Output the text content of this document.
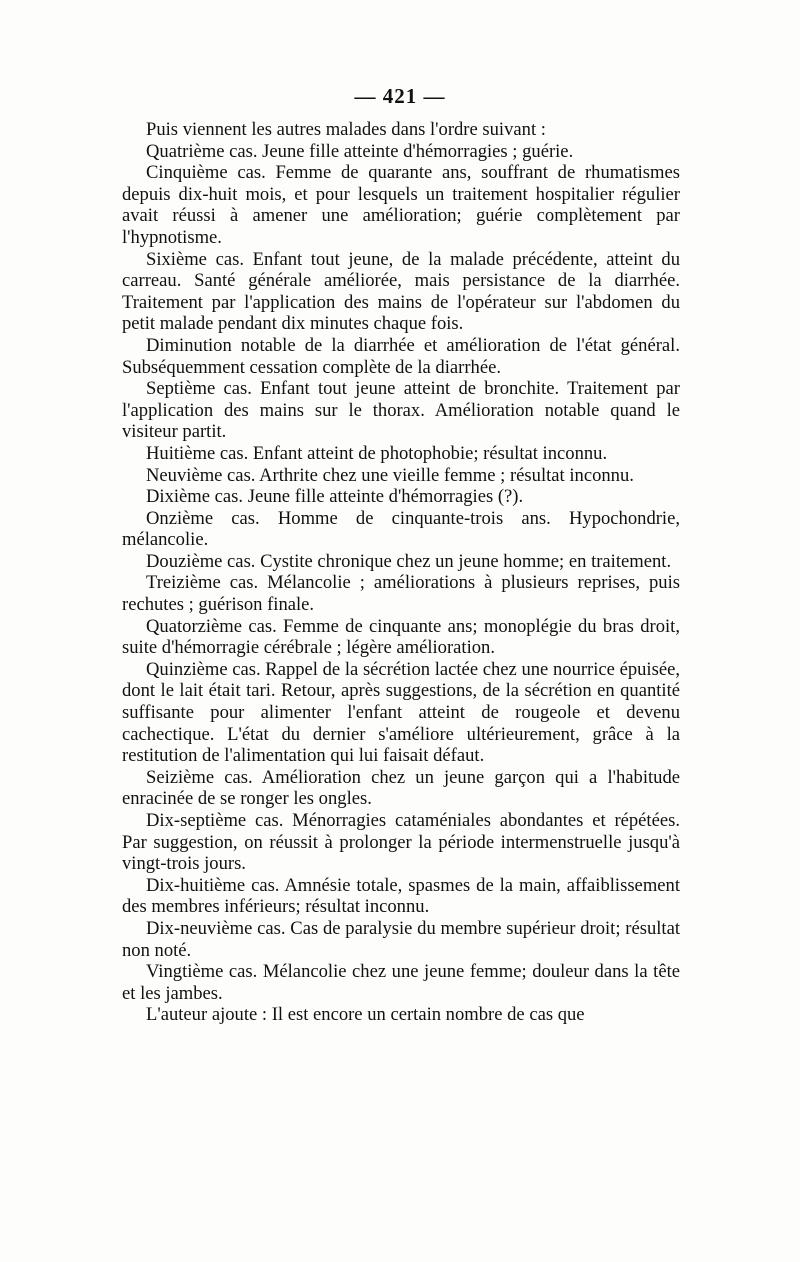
— 421 —

Puis viennent les autres malades dans l'ordre suivant :

Quatrième cas. Jeune fille atteinte d'hémorragies ; guérie.

Cinquième cas. Femme de quarante ans, souffrant de rhumatismes depuis dix-huit mois, et pour lesquels un traitement hospitalier régulier avait réussi à amener une amélioration; guérie complètement par l'hypnotisme.

Sixième cas. Enfant tout jeune, de la malade précédente, atteint du carreau. Santé générale améliorée, mais persistance de la diarrhée. Traitement par l'application des mains de l'opérateur sur l'abdomen du petit malade pendant dix minutes chaque fois.

Diminution notable de la diarrhée et amélioration de l'état général. Subséquemment cessation complète de la diarrhée.

Septième cas. Enfant tout jeune atteint de bronchite. Traitement par l'application des mains sur le thorax. Amélioration notable quand le visiteur partit.

Huitième cas. Enfant atteint de photophobie; résultat inconnu.

Neuvième cas. Arthrite chez une vieille femme ; résultat inconnu.

Dixième cas. Jeune fille atteinte d'hémorragies (?).

Onzième cas. Homme de cinquante-trois ans. Hypochondrie, mélancolie.

Douzième cas. Cystite chronique chez un jeune homme; en traitement.

Treizième cas. Mélancolie ; améliorations à plusieurs reprises, puis rechutes ; guérison finale.

Quatorzième cas. Femme de cinquante ans; monoplégie du bras droit, suite d'hémorragie cérébrale ; légère amélioration.

Quinzième cas. Rappel de la sécrétion lactée chez une nourrice épuisée, dont le lait était tari. Retour, après suggestions, de la sécrétion en quantité suffisante pour alimenter l'enfant atteint de rougeole et devenu cachectique. L'état du dernier s'améliore ultérieurement, grâce à la restitution de l'alimentation qui lui faisait défaut.

Seizième cas. Amélioration chez un jeune garçon qui a l'habitude enracinée de se ronger les ongles.

Dix-septième cas. Ménorragies cataméniales abondantes et répétées. Par suggestion, on réussit à prolonger la période intermenstruelle jusqu'à vingt-trois jours.

Dix-huitième cas. Amnésie totale, spasmes de la main, affaiblissement des membres inférieurs; résultat inconnu.

Dix-neuvième cas. Cas de paralysie du membre supérieur droit; résultat non noté.

Vingtième cas. Mélancolie chez une jeune femme; douleur dans la tête et les jambes.

L'auteur ajoute : Il est encore un certain nombre de cas que
